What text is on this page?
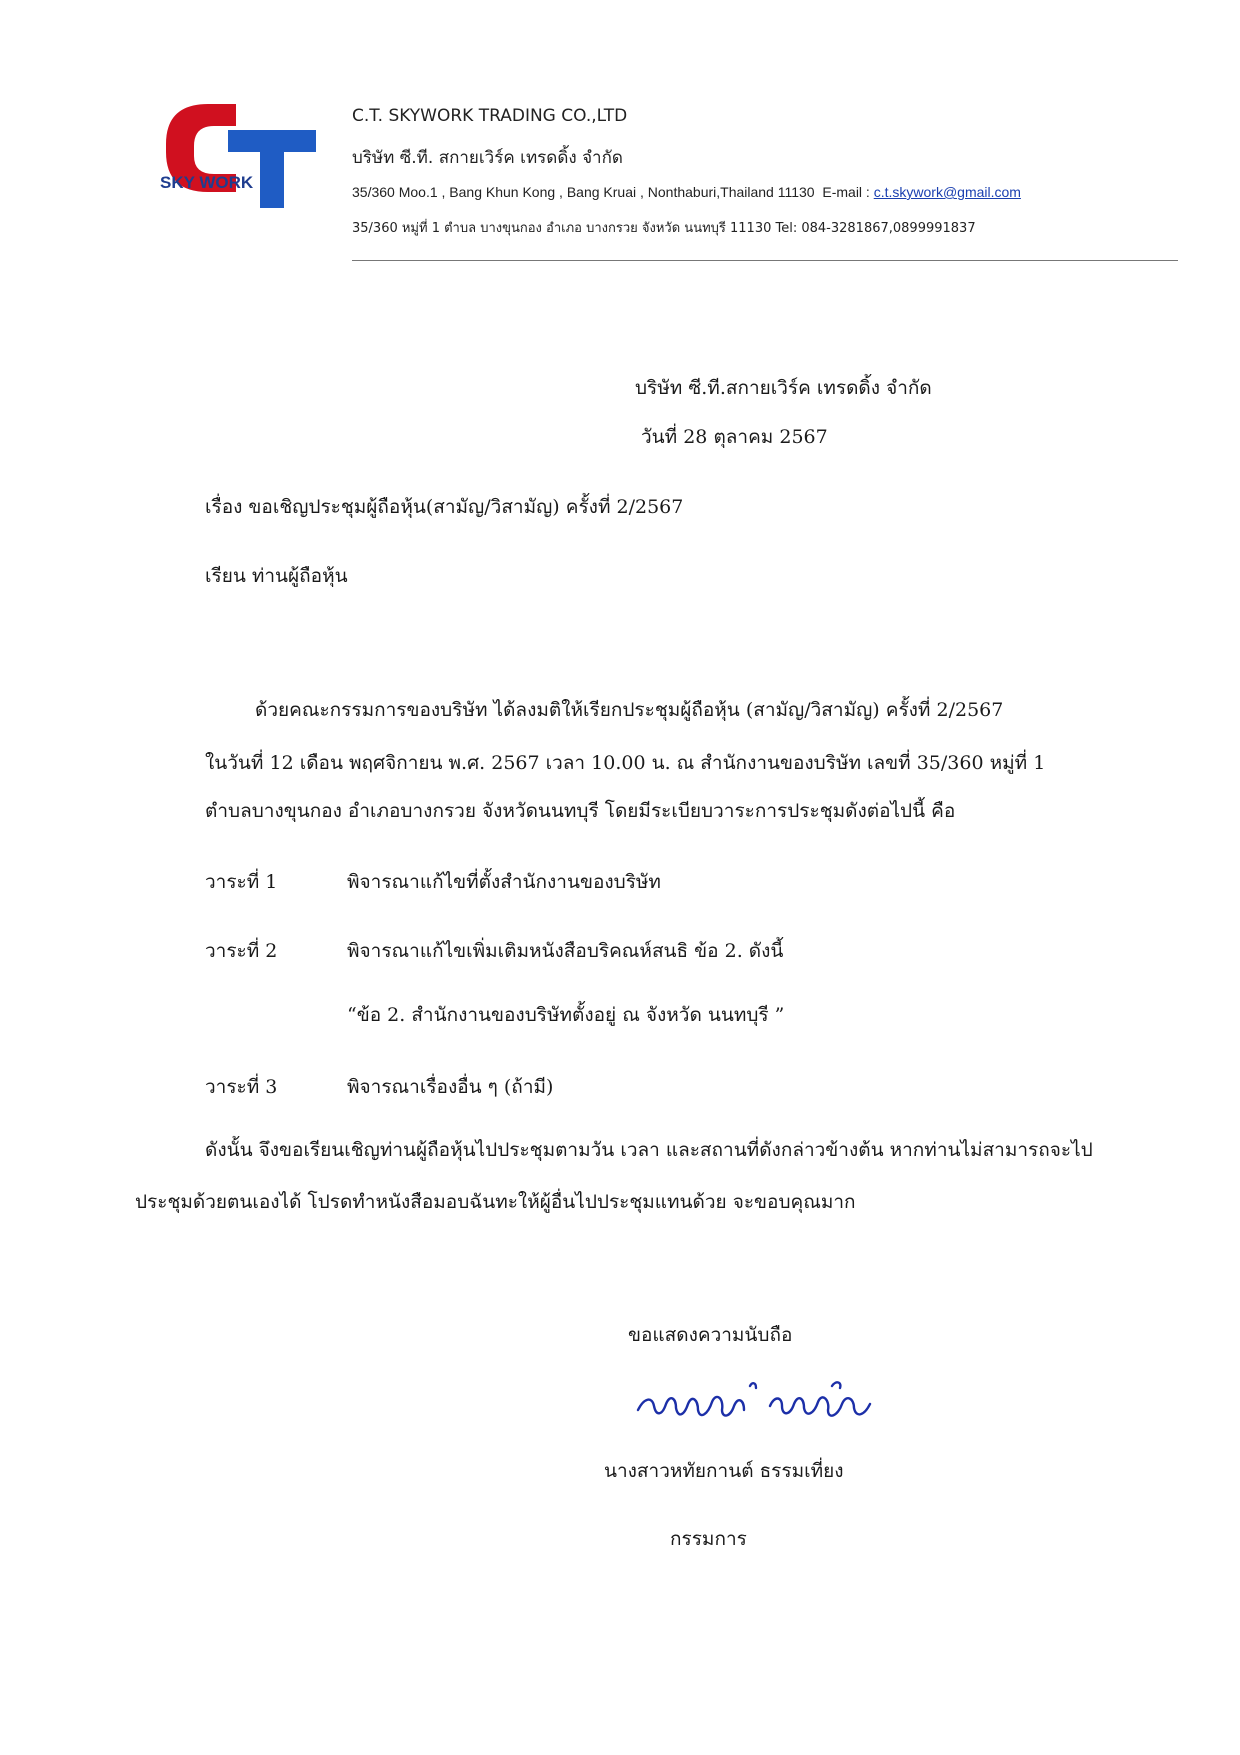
SKY WORK
C.T. SKYWORK TRADING CO.,LTD
บริษัท ซี.ที. สกายเวิร์ค เทรดดิ้ง จำกัด
35/360 Moo.1 , Bang Khun Kong , Bang Kruai , Nonthaburi,Thailand 11130 E-mail : c.t.skywork@gmail.com
35/360 หมู่ที่ 1 ตำบล บางขุนกอง อำเภอ บางกรวย จังหวัด นนทบุรี 11130 Tel: 084-3281867,0899991837
บริษัท ซี.ที.สกายเวิร์ค เทรดดิ้ง จำกัด
วันที่ 28 ตุลาคม 2567
เรื่อง ขอเชิญประชุมผู้ถือหุ้น(สามัญ/วิสามัญ) ครั้งที่ 2/2567
เรียน ท่านผู้ถือหุ้น
ด้วยคณะกรรมการของบริษัท ได้ลงมติให้เรียกประชุมผู้ถือหุ้น (สามัญ/วิสามัญ) ครั้งที่ 2/2567
ในวันที่ 12 เดือน พฤศจิกายน พ.ศ. 2567 เวลา 10.00 น. ณ สำนักงานของบริษัท เลขที่ 35/360 หมู่ที่ 1
ตำบลบางขุนกอง อำเภอบางกรวย จังหวัดนนทบุรี โดยมีระเบียบวาระการประชุมดังต่อไปนี้ คือ
วาระที่ 1	พิจารณาแก้ไขที่ตั้งสำนักงานของบริษัท
วาระที่ 2	พิจารณาแก้ไขเพิ่มเติมหนังสือบริคณห์สนธิ ข้อ 2. ดังนี้
“ข้อ 2. สำนักงานของบริษัทตั้งอยู่ ณ จังหวัด นนทบุรี ”
วาระที่ 3	พิจารณาเรื่องอื่น ๆ (ถ้ามี)
ดังนั้น จึงขอเรียนเชิญท่านผู้ถือหุ้นไปประชุมตามวัน เวลา และสถานที่ดังกล่าวข้างต้น หากท่านไม่สามารถจะไป
ประชุมด้วยตนเองได้ โปรดทำหนังสือมอบฉันทะให้ผู้อื่นไปประชุมแทนด้วย จะขอบคุณมาก
ขอแสดงความนับถือ
นางสาวหทัยกานต์ ธรรมเที่ยง
กรรมการ
